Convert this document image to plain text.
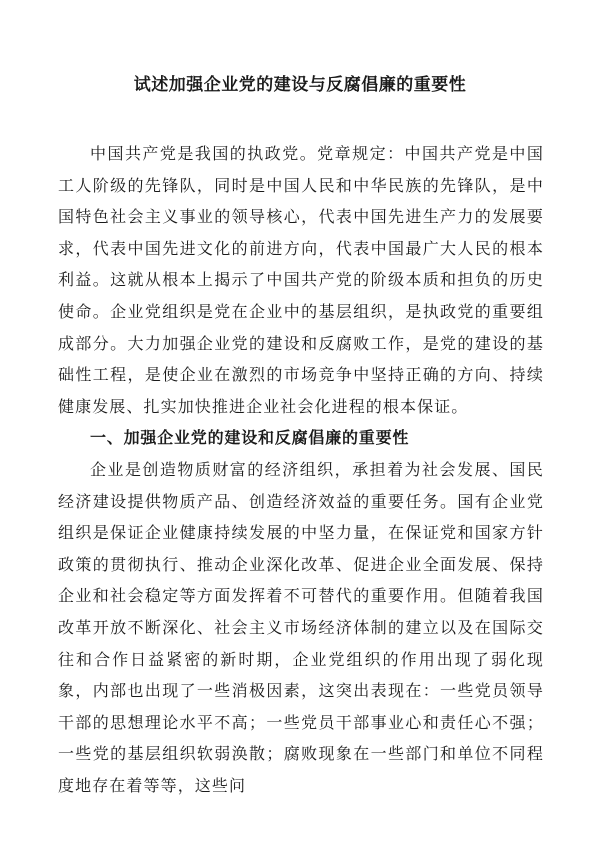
试述加强企业党的建设与反腐倡廉的重要性

中国共产党是我国的执政党。党章规定：中国共产党是中国工人阶级的先锋队，同时是中国人民和中华民族的先锋队，是中国特色社会主义事业的领导核心，代表中国先进生产力的发展要求，代表中国先进文化的前进方向，代表中国最广大人民的根本利益。这就从根本上揭示了中国共产党的阶级本质和担负的历史使命。企业党组织是党在企业中的基层组织，是执政党的重要组成部分。大力加强企业党的建设和反腐败工作，是党的建设的基础性工程，是使企业在激烈的市场竞争中坚持正确的方向、持续健康发展、扎实加快推进企业社会化进程的根本保证。

一、加强企业党的建设和反腐倡廉的重要性

企业是创造物质财富的经济组织，承担着为社会发展、国民经济建设提供物质产品、创造经济效益的重要任务。国有企业党组织是保证企业健康持续发展的中坚力量，在保证党和国家方针政策的贯彻执行、推动企业深化改革、促进企业全面发展、保持企业和社会稳定等方面发挥着不可替代的重要作用。但随着我国改革开放不断深化、社会主义市场经济体制的建立以及在国际交往和合作日益紧密的新时期，企业党组织的作用出现了弱化现象，内部也出现了一些消极因素，这突出表现在：一些党员领导干部的思想理论水平不高；一些党员干部事业心和责任心不强；一些党的基层组织软弱涣散；腐败现象在一些部门和单位不同程度地存在着等等，这些问
